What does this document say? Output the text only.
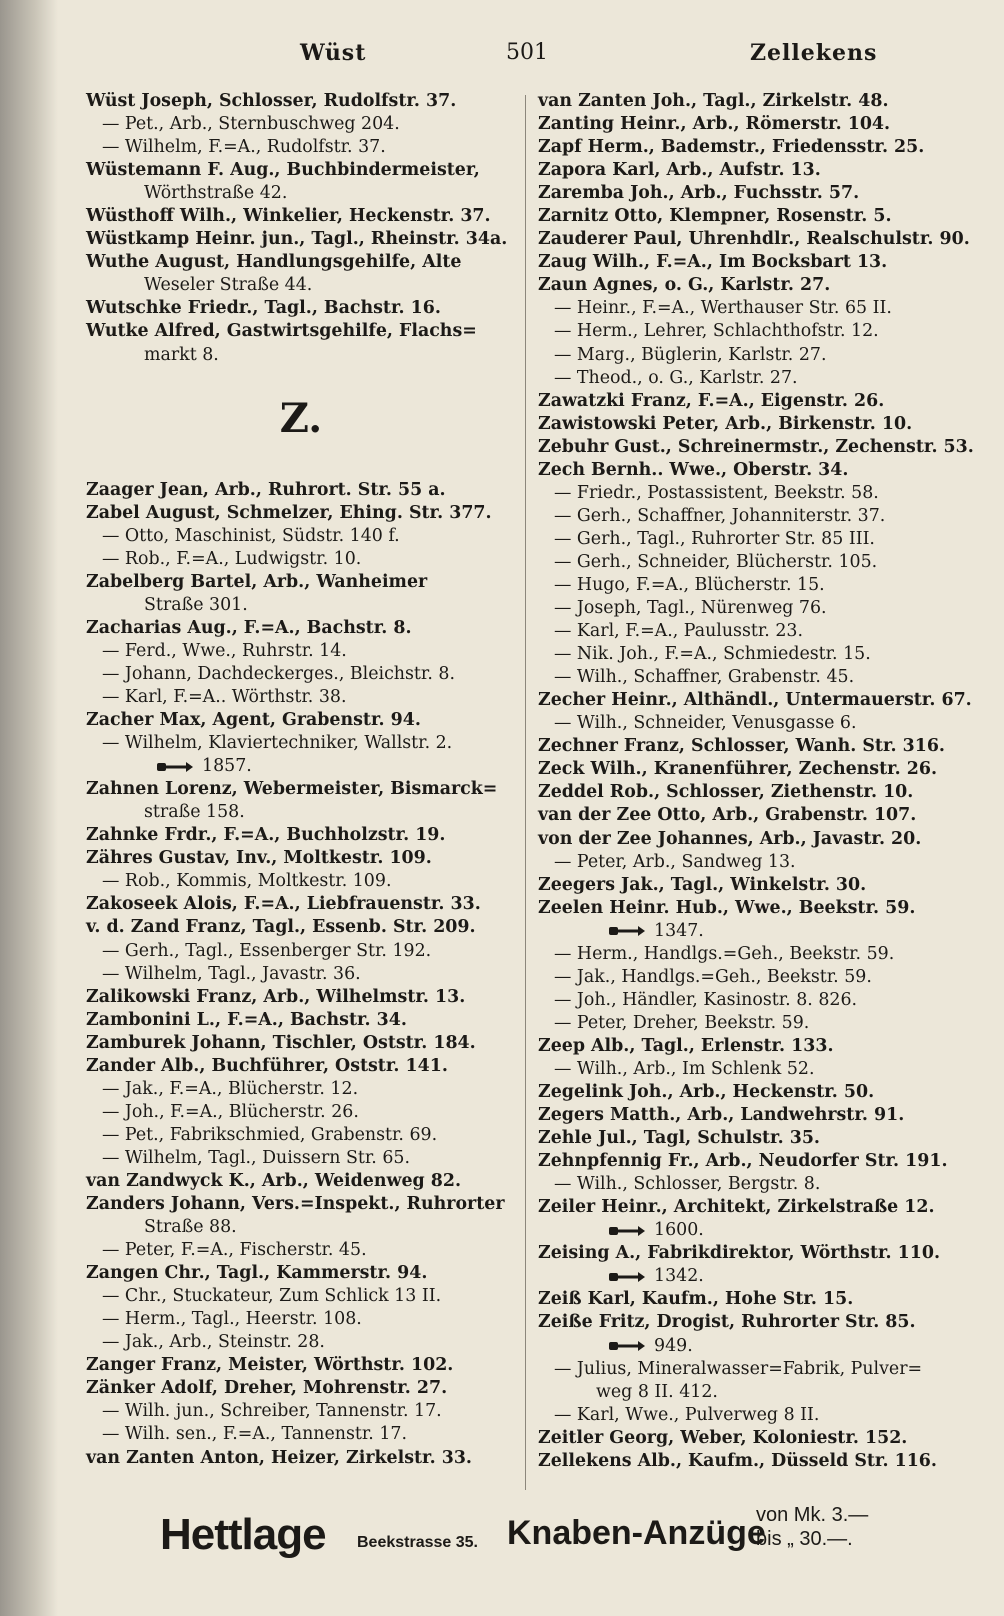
Wüst	501	Zellekens
Wüst Joseph, Schlosser, Rudolfstr. 37.
— Pet., Arb., Sternbuschweg 204.
— Wilhelm, F.=A., Rudolfstr. 37.
Wüstemann F. Aug., Buchbindermeister,
Wörthstraße 42.
Wüsthoff Wilh., Winkelier, Heckenstr. 37.
Wüstkamp Heinr. jun., Tagl., Rheinstr. 34a.
Wuthe August, Handlungsgehilfe, Alte
Weseler Straße 44.
Wutschke Friedr., Tagl., Bachstr. 16.
Wutke Alfred, Gastwirtsgehilfe, Flachs=
markt 8.
Z.
Zaager Jean, Arb., Ruhrort. Str. 55 a.
Zabel August, Schmelzer, Ehing. Str. 377.
— Otto, Maschinist, Südstr. 140 f.
— Rob., F.=A., Ludwigstr. 10.
Zabelberg Bartel, Arb., Wanheimer
Straße 301.
Zacharias Aug., F.=A., Bachstr. 8.
— Ferd., Wwe., Ruhrstr. 14.
— Johann, Dachdeckerges., Bleichstr. 8.
— Karl, F.=A.. Wörthstr. 38.
Zacher Max, Agent, Grabenstr. 94.
— Wilhelm, Klaviertechniker, Wallstr. 2.
1857.
Zahnen Lorenz, Webermeister, Bismarck=
straße 158.
Zahnke Frdr., F.=A., Buchholzstr. 19.
Zähres Gustav, Inv., Moltkestr. 109.
— Rob., Kommis, Moltkestr. 109.
Zakoseek Alois, F.=A., Liebfrauenstr. 33.
v. d. Zand Franz, Tagl., Essenb. Str. 209.
— Gerh., Tagl., Essenberger Str. 192.
— Wilhelm, Tagl., Javastr. 36.
Zalikowski Franz, Arb., Wilhelmstr. 13.
Zambonini L., F.=A., Bachstr. 34.
Zamburek Johann, Tischler, Oststr. 184.
Zander Alb., Buchführer, Oststr. 141.
— Jak., F.=A., Blücherstr. 12.
— Joh., F.=A., Blücherstr. 26.
— Pet., Fabrikschmied, Grabenstr. 69.
— Wilhelm, Tagl., Duissern Str. 65.
van Zandwyck K., Arb., Weidenweg 82.
Zanders Johann, Vers.=Inspekt., Ruhrorter
Straße 88.
— Peter, F.=A., Fischerstr. 45.
Zangen Chr., Tagl., Kammerstr. 94.
— Chr., Stuckateur, Zum Schlick 13 II.
— Herm., Tagl., Heerstr. 108.
— Jak., Arb., Steinstr. 28.
Zanger Franz, Meister, Wörthstr. 102.
Zänker Adolf, Dreher, Mohrenstr. 27.
— Wilh. jun., Schreiber, Tannenstr. 17.
— Wilh. sen., F.=A., Tannenstr. 17.
van Zanten Anton, Heizer, Zirkelstr. 33.
van Zanten Joh., Tagl., Zirkelstr. 48.
Zanting Heinr., Arb., Römerstr. 104.
Zapf Herm., Bademstr., Friedensstr. 25.
Zapora Karl, Arb., Aufstr. 13.
Zaremba Joh., Arb., Fuchsstr. 57.
Zarnitz Otto, Klempner, Rosenstr. 5.
Zauderer Paul, Uhrenhdlr., Realschulstr. 90.
Zaug Wilh., F.=A., Im Bocksbart 13.
Zaun Agnes, o. G., Karlstr. 27.
— Heinr., F.=A., Werthauser Str. 65 II.
— Herm., Lehrer, Schlachthofstr. 12.
— Marg., Büglerin, Karlstr. 27.
— Theod., o. G., Karlstr. 27.
Zawatzki Franz, F.=A., Eigenstr. 26.
Zawistowski Peter, Arb., Birkenstr. 10.
Zebuhr Gust., Schreinermstr., Zechenstr. 53.
Zech Bernh.. Wwe., Oberstr. 34.
— Friedr., Postassistent, Beekstr. 58.
— Gerh., Schaffner, Johanniterstr. 37.
— Gerh., Tagl., Ruhrorter Str. 85 III.
— Gerh., Schneider, Blücherstr. 105.
— Hugo, F.=A., Blücherstr. 15.
— Joseph, Tagl., Nürenweg 76.
— Karl, F.=A., Paulusstr. 23.
— Nik. Joh., F.=A., Schmiedestr. 15.
— Wilh., Schaffner, Grabenstr. 45.
Zecher Heinr., Althändl., Untermauerstr. 67.
— Wilh., Schneider, Venusgasse 6.
Zechner Franz, Schlosser, Wanh. Str. 316.
Zeck Wilh., Kranenführer, Zechenstr. 26.
Zeddel Rob., Schlosser, Ziethenstr. 10.
van der Zee Otto, Arb., Grabenstr. 107.
von der Zee Johannes, Arb., Javastr. 20.
— Peter, Arb., Sandweg 13.
Zeegers Jak., Tagl., Winkelstr. 30.
Zeelen Heinr. Hub., Wwe., Beekstr. 59.
1347.
— Herm., Handlgs.=Geh., Beekstr. 59.
— Jak., Handlgs.=Geh., Beekstr. 59.
— Joh., Händler, Kasinostr. 8. 826.
— Peter, Dreher, Beekstr. 59.
Zeep Alb., Tagl., Erlenstr. 133.
— Wilh., Arb., Im Schlenk 52.
Zegelink Joh., Arb., Heckenstr. 50.
Zegers Matth., Arb., Landwehrstr. 91.
Zehle Jul., Tagl, Schulstr. 35.
Zehnpfennig Fr., Arb., Neudorfer Str. 191.
— Wilh., Schlosser, Bergstr. 8.
Zeiler Heinr., Architekt, Zirkelstraße 12.
1600.
Zeising A., Fabrikdirektor, Wörthstr. 110.
1342.
Zeiß Karl, Kaufm., Hohe Str. 15.
Zeiße Fritz, Drogist, Ruhrorter Str. 85.
949.
— Julius, Mineralwasser=Fabrik, Pulver=
weg 8 II. 412.
— Karl, Wwe., Pulverweg 8 II.
Zeitler Georg, Weber, Koloniestr. 152.
Zellekens Alb., Kaufm., Düsseld Str. 116.
Hettlage Beekstrasse 35. Knaben-Anzüge
von Mk. 3.—
bis „ 30.—.
